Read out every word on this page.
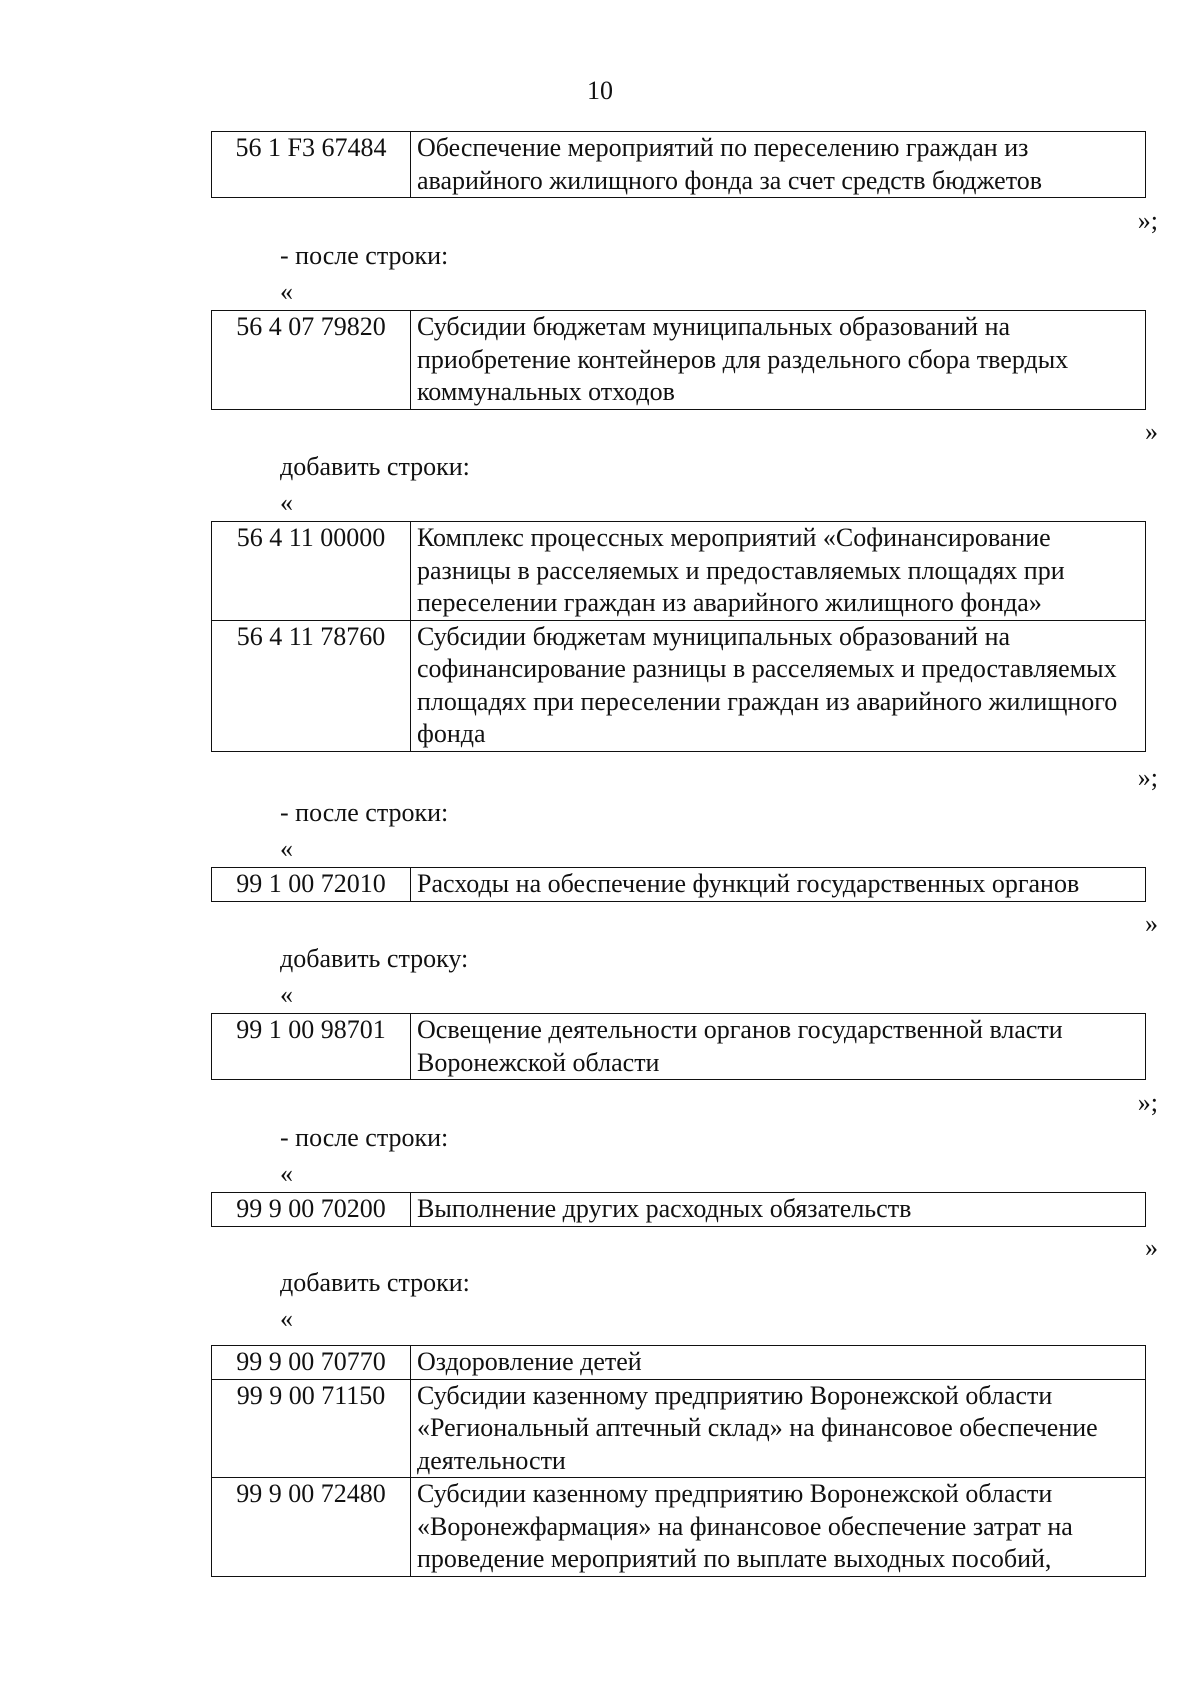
10
56 1 F3 67484	Обеспечение мероприятий по переселению граждан из аварийного жилищного фонда за счет средств бюджетов
»;
- после строки:
«
56 4 07 79820	Субсидии бюджетам муниципальных образований на приобретение контейнеров для раздельного сбора твердых коммунальных отходов
»
добавить строки:
«
56 4 11 00000	Комплекс процессных мероприятий «Софинансирование разницы в расселяемых и предоставляемых площадях при переселении граждан из аварийного жилищного фонда»
56 4 11 78760	Субсидии бюджетам муниципальных образований на софинансирование разницы в расселяемых и предоставляемых площадях при переселении граждан из аварийного жилищного фонда
»;
- после строки:
«
99 1 00 72010	Расходы на обеспечение функций государственных органов
»
добавить строку:
«
99 1 00 98701	Освещение деятельности органов государственной власти Воронежской области
»;
- после строки:
«
99 9 00 70200	Выполнение других расходных обязательств
»
добавить строки:
«
99 9 00 70770	Оздоровление детей
99 9 00 71150	Субсидии казенному предприятию Воронежской области «Региональный аптечный склад» на финансовое обеспечение деятельности
99 9 00 72480	Субсидии казенному предприятию Воронежской области «Воронежфармация» на финансовое обеспечение затрат на проведение мероприятий по выплате выходных пособий,
